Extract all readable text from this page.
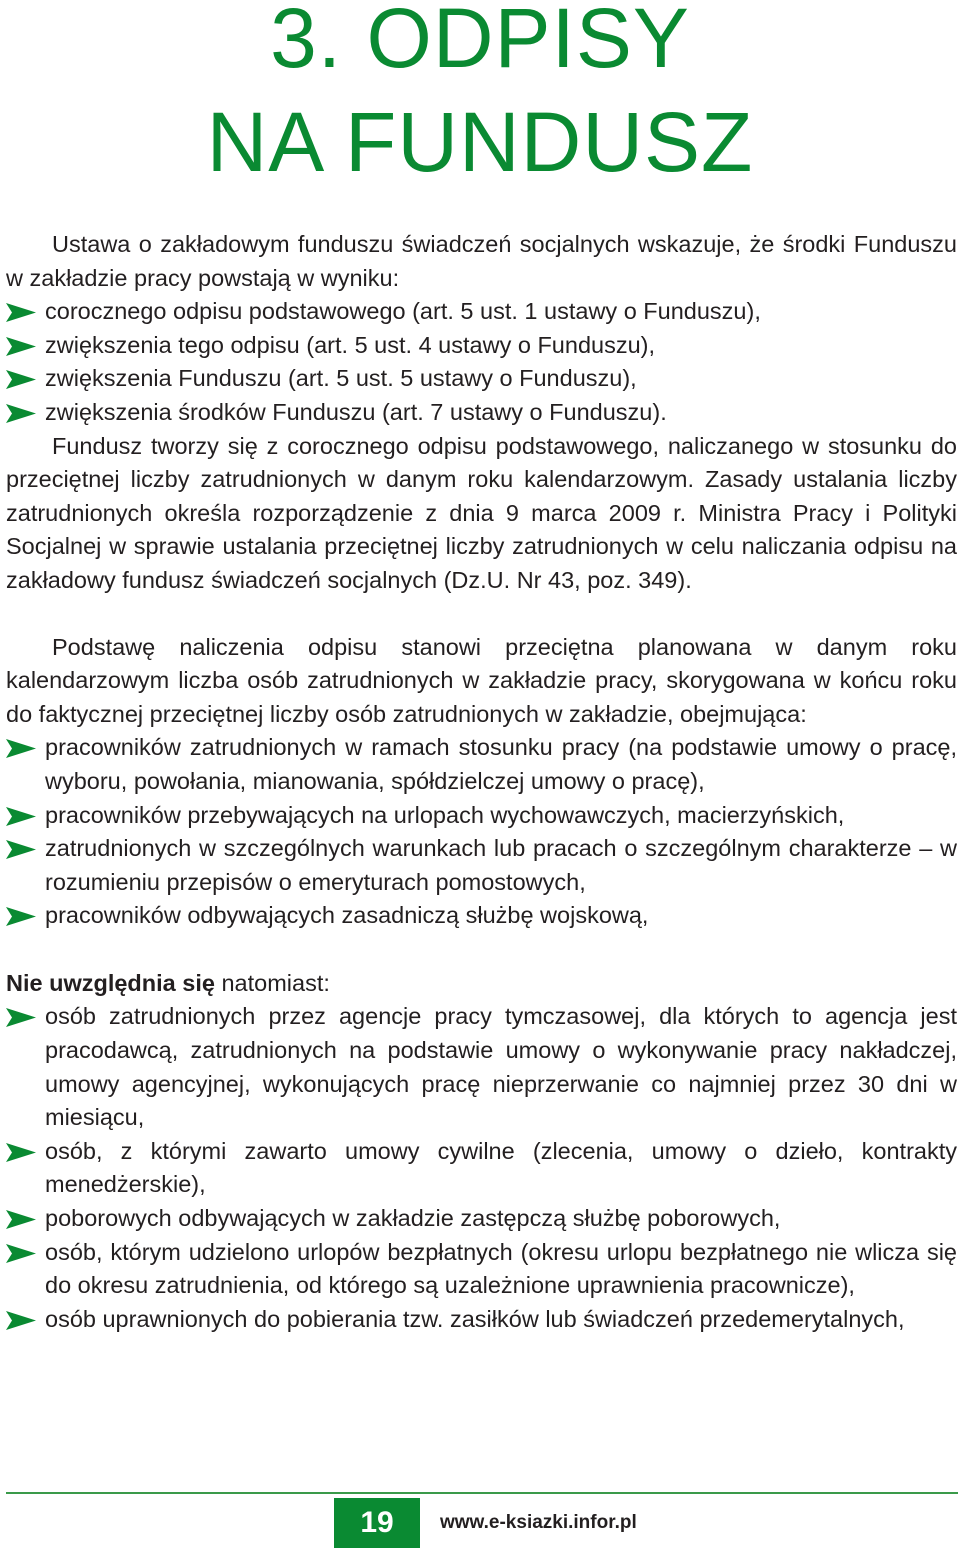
3. ODPISY
NA FUNDUSZ

Ustawa o zakładowym funduszu świadczeń socjalnych wskazuje, że środki Funduszu w zakładzie pracy powstają w wyniku:

corocznego odpisu podstawowego (art. 5 ust. 1 ustawy o Funduszu),
zwiększenia tego odpisu (art. 5 ust. 4 ustawy o Funduszu),
zwiększenia Funduszu (art. 5 ust. 5 ustawy o Funduszu),
zwiększenia środków Funduszu (art. 7 ustawy o Funduszu).

Fundusz tworzy się z corocznego odpisu podstawowego, naliczanego w stosunku do przeciętnej liczby zatrudnionych w danym roku kalendarzowym. Zasady ustalania liczby zatrudnionych określa rozporządzenie z dnia 9 marca 2009 r. Ministra Pracy i Polityki Socjalnej w sprawie ustalania przeciętnej liczby zatrudnionych w celu naliczania odpisu na zakładowy fundusz świadczeń socjalnych (Dz.U. Nr 43, poz. 349).

Podstawę naliczenia odpisu stanowi przeciętna planowana w danym roku kalendarzowym liczba osób zatrudnionych w zakładzie pracy, skorygowana w końcu roku do faktycznej przeciętnej liczby osób zatrudnionych w zakładzie, obejmująca:

pracowników zatrudnionych w ramach stosunku pracy (na podstawie umowy o pracę, wyboru, powołania, mianowania, spółdzielczej umowy o pracę),
pracowników przebywających na urlopach wychowawczych, macierzyńskich,
zatrudnionych w szczególnych warunkach lub pracach o szczególnym charakterze – w rozumieniu przepisów o emeryturach pomostowych,
pracowników odbywających zasadniczą służbę wojskową,

Nie uwzględnia się natomiast:

osób zatrudnionych przez agencje pracy tymczasowej, dla których to agencja jest pracodawcą, zatrudnionych na podstawie umowy o wykonywanie pracy nakładczej, umowy agencyjnej, wykonujących pracę nieprzerwanie co najmniej przez 30 dni w miesiącu,
osób, z którymi zawarto umowy cywilne (zlecenia, umowy o dzieło, kontrakty menedżerskie),
poborowych odbywających w zakładzie zastępczą służbę poborowych,
osób, którym udzielono urlopów bezpłatnych (okresu urlopu bezpłatnego nie wlicza się do okresu zatrudnienia, od którego są uzależnione uprawnienia pracownicze),
osób uprawnionych do pobierania tzw. zasiłków lub świadczeń przedemerytalnych,
19	www.e-ksiazki.infor.pl
